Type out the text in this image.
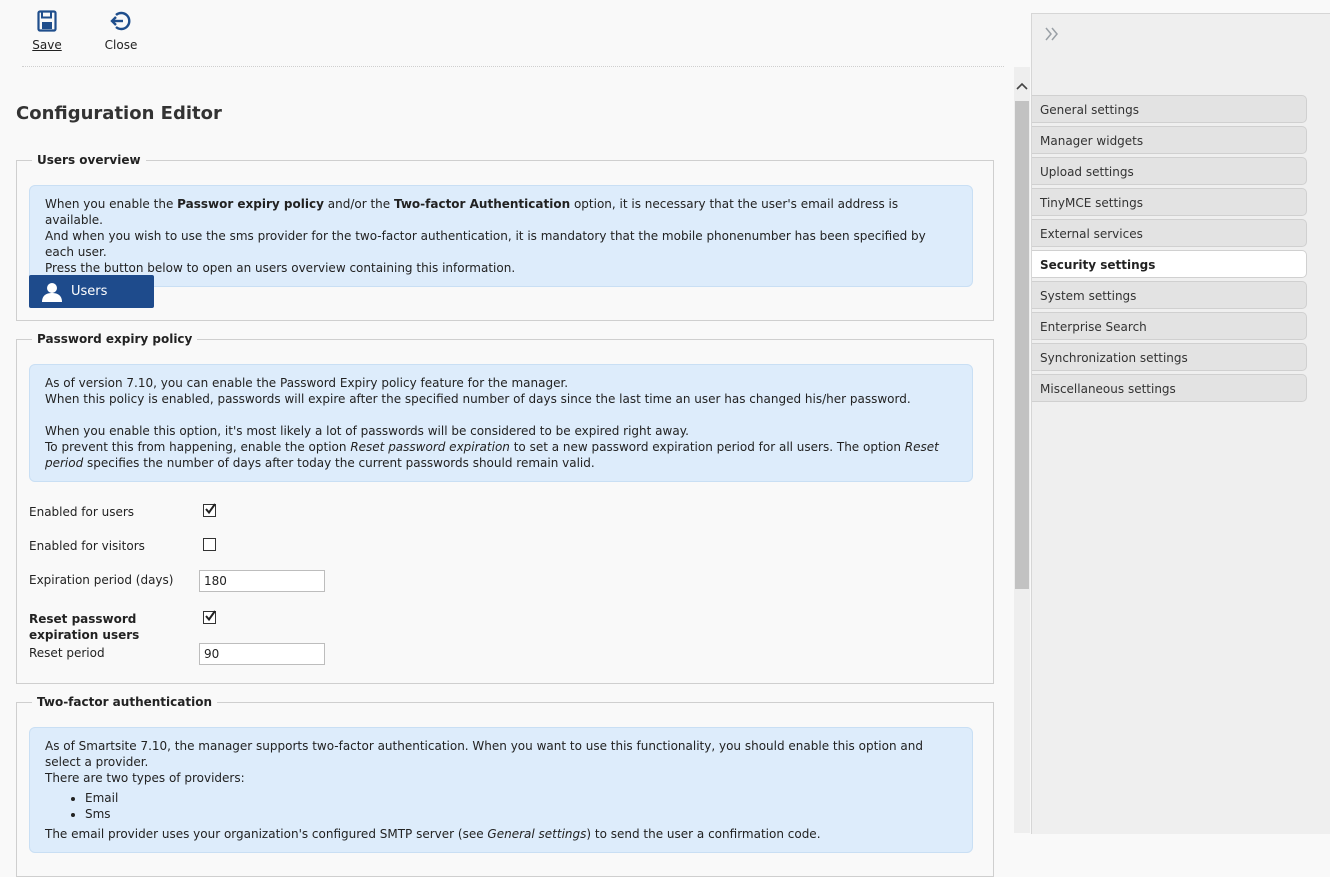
Save	Close
Configuration Editor
Users overview

When you enable the Passwor expiry policy and/or the Two-factor Authentication option, it is necessary that the user's email address is available.

And when you wish to use the sms provider for the two-factor authentication, it is mandatory that the mobile phonenumber has been specified by each user.

Press the button below to open an users overview containing this information.

Users
Password expiry policy

As of version 7.10, you can enable the Password Expiry policy feature for the manager.

When this policy is enabled, passwords will expire after the specified number of days since the last time an user has changed his/her password.

When you enable this option, it's most likely a lot of passwords will be considered to be expired right away.

To prevent this from happening, enable the option Reset password expiration to set a new password expiration period for all users. The option Reset period specifies the number of days after today the current passwords should remain valid.

Enabled for users
Enabled for visitors
Expiration period (days)
180
Reset password expiration users
Reset period
90
Two-factor authentication

As of Smartsite 7.10, the manager supports two-factor authentication. When you want to use this functionality, you should enable this option and select a provider.

There are two types of providers:

• Email
• Sms

The email provider uses your organization's configured SMTP server (see General settings) to send the user a confirmation code.

General settings
Manager widgets
Upload settings
TinyMCE settings
External services
Security settings
System settings
Enterprise Search
Synchronization settings
Miscellaneous settings
